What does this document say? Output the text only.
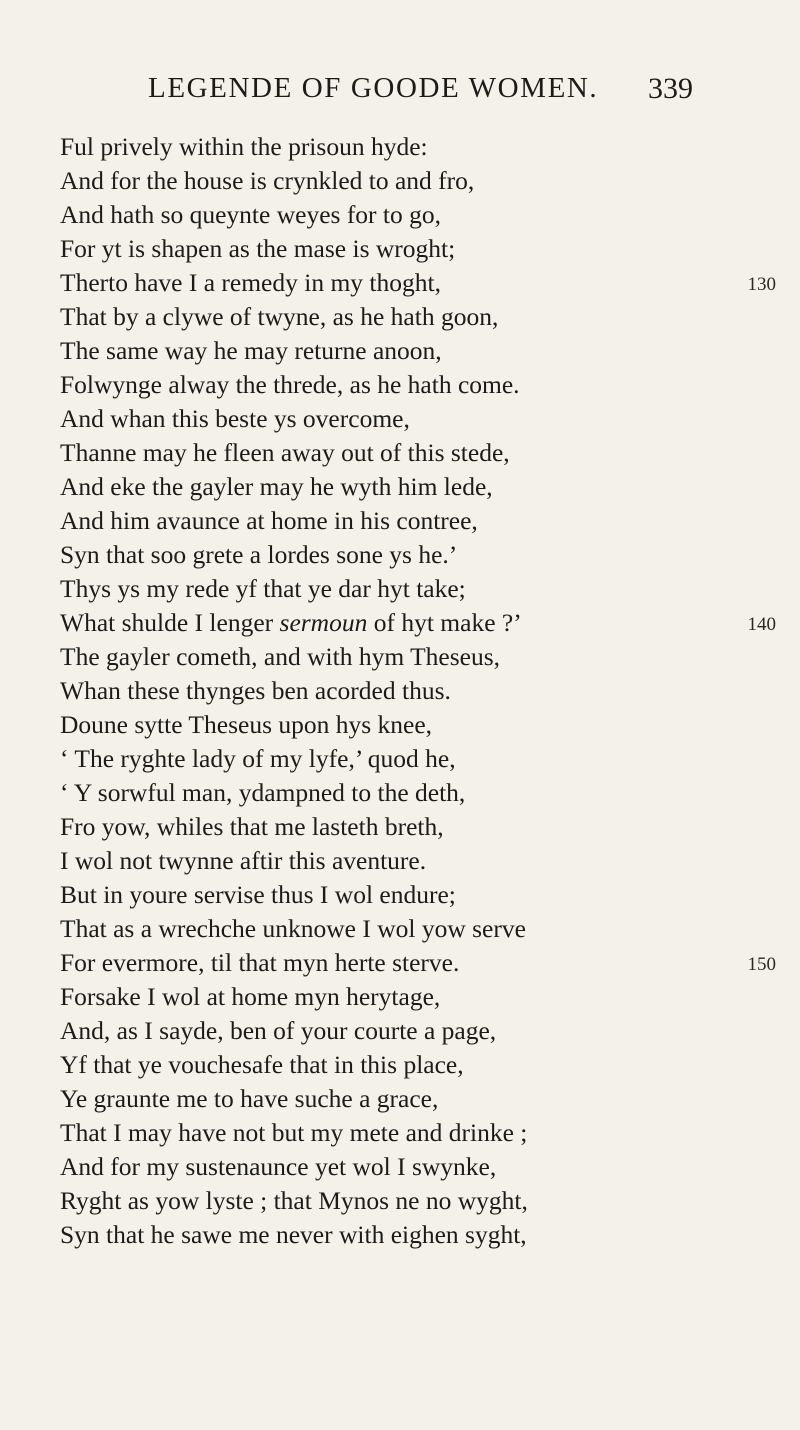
LEGENDE OF GOODE WOMEN. 339
Ful prively within the prisoun hyde:
And for the house is crynkled to and fro,
And hath so queynte weyes for to go,
For yt is shapen as the mase is wroght;
Therto have I a remedy in my thoght,	130
That by a clywe of twyne, as he hath goon,
The same way he may returne anoon,
Folwynge alway the threde, as he hath come.
And whan this beste ys overcome,
Thanne may he fleen away out of this stede,
And eke the gayler may he wyth him lede,
And him avaunce at home in his contree,
Syn that soo grete a lordes sone ys he.’
Thys ys my rede yf that ye dar hyt take;
What shulde I lenger sermoun of hyt make ?’	140
The gayler cometh, and with hym Theseus,
Whan these thynges ben acorded thus.
Doune sytte Theseus upon hys knee,
‘ The ryghte lady of my lyfe,’ quod he,
‘ Y sorwful man, ydampned to the deth,
Fro yow, whiles that me lasteth breth,
I wol not twynne aftir this aventure.
But in youre servise thus I wol endure;
That as a wrechche unknowe I wol yow serve
For evermore, til that myn herte sterve.	150
Forsake I wol at home myn herytage,
And, as I sayde, ben of your courte a page,
Yf that ye vouchesafe that in this place,
Ye graunte me to have suche a grace,
That I may have not but my mete and drinke ;
And for my sustenaunce yet wol I swynke,
Ryght as yow lyste ; that Mynos ne no wyght,
Syn that he sawe me never with eighen syght,
